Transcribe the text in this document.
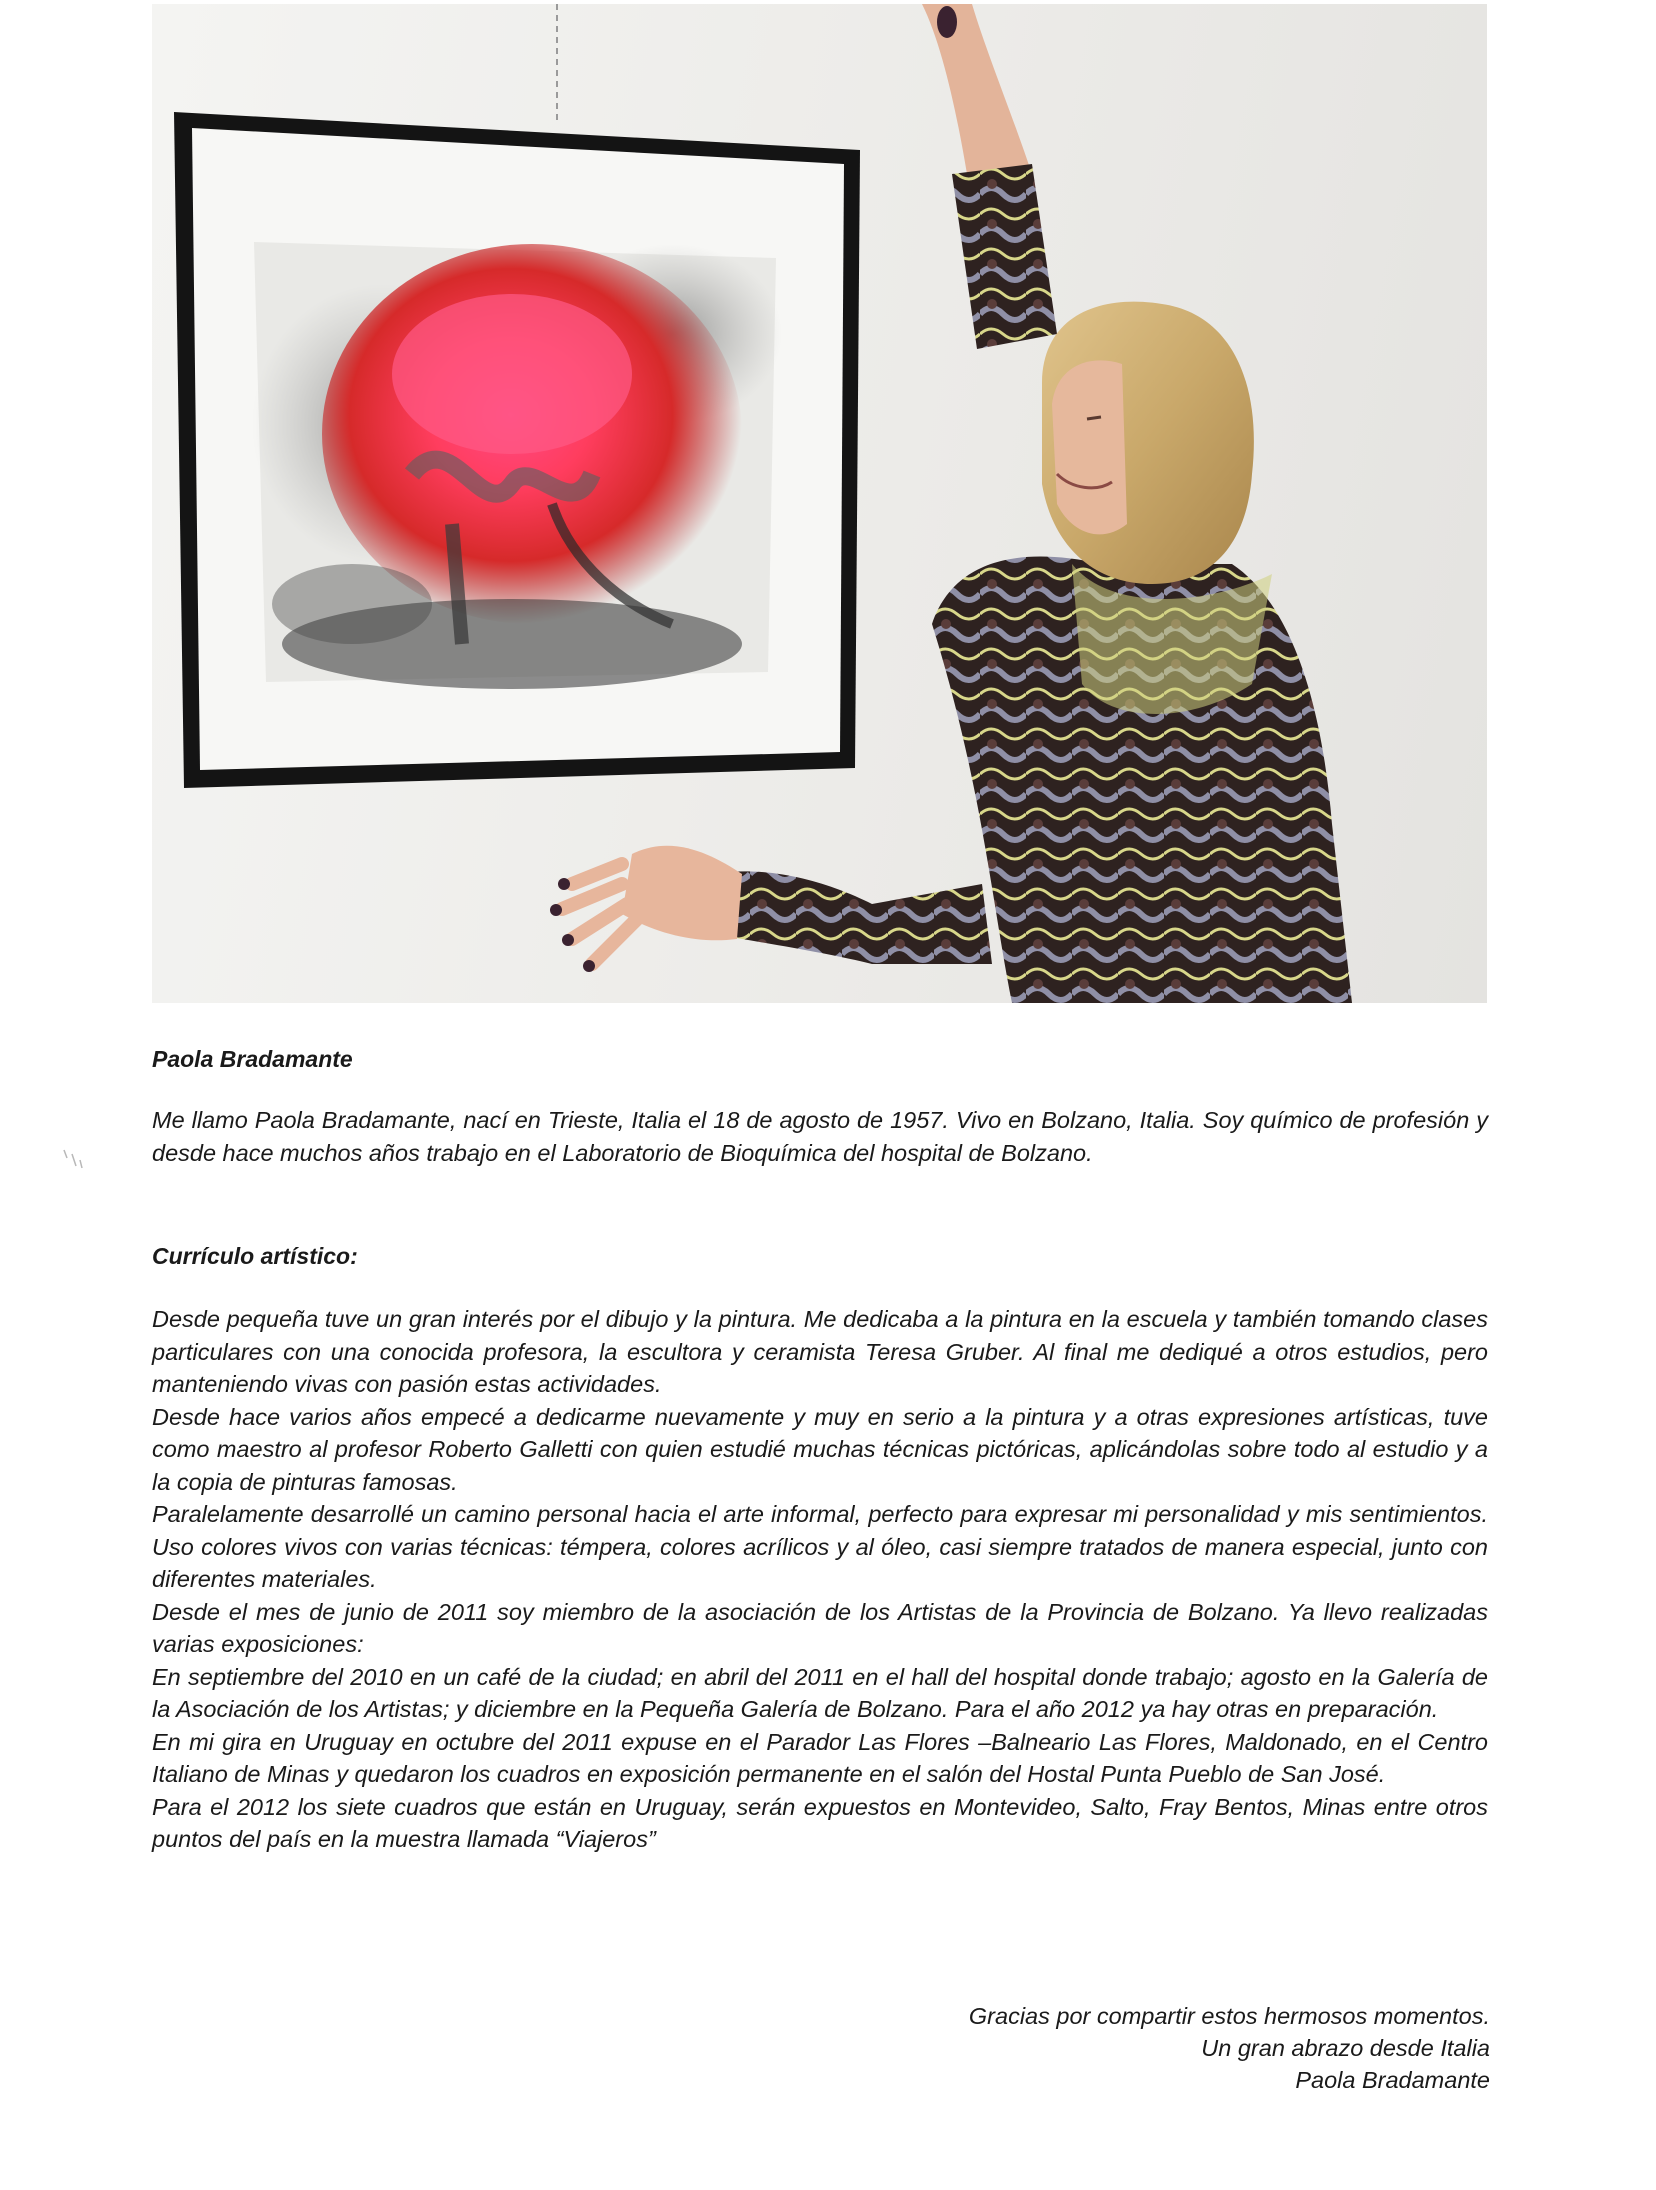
Paola Bradamante

Me llamo Paola Bradamante, nací en Trieste, Italia el 18 de agosto de 1957. Vivo en Bolzano, Italia. Soy químico de profesión y desde hace muchos años trabajo en el Laboratorio de Bioquímica del hospital de Bolzano.

Currículo artístico:

Desde pequeña tuve un gran interés por el dibujo y la pintura. Me dedicaba a la pintura en la escuela y también tomando clases particulares con una conocida profesora, la escultora y ceramista Teresa Gruber. Al final me dediqué a otros estudios, pero manteniendo vivas con pasión estas actividades.

Desde hace varios años empecé a dedicarme nuevamente y muy en serio a la pintura y a otras expresiones artísticas, tuve como maestro al profesor Roberto Galletti con quien estudié muchas técnicas pictóricas, aplicándolas sobre todo al estudio y a la copia de pinturas famosas.

Paralelamente desarrollé un camino personal hacia el arte informal, perfecto para expresar mi personalidad y mis sentimientos. Uso colores vivos con varias técnicas: témpera, colores acrílicos y al óleo, casi siempre tratados de manera especial, junto con diferentes materiales.

Desde el mes de junio de 2011 soy miembro de la asociación de los Artistas de la Provincia de Bolzano. Ya llevo realizadas varias exposiciones:

En septiembre del 2010 en un café de la ciudad; en abril del 2011 en el hall del hospital donde trabajo; agosto en la Galería de la Asociación de los Artistas; y diciembre en la Pequeña Galería de Bolzano. Para el año 2012 ya hay otras en preparación.

En mi gira en Uruguay en octubre del 2011 expuse en el Parador Las Flores –Balneario Las Flores, Maldonado, en el Centro Italiano de Minas y quedaron los cuadros en exposición permanente en el salón del Hostal Punta Pueblo de San José.

Para el 2012 los siete cuadros que están en Uruguay, serán expuestos en Montevideo, Salto, Fray Bentos, Minas entre otros puntos del país en la muestra llamada “Viajeros”

Gracias por compartir estos hermosos momentos.
Un gran abrazo desde Italia
Paola Bradamante
